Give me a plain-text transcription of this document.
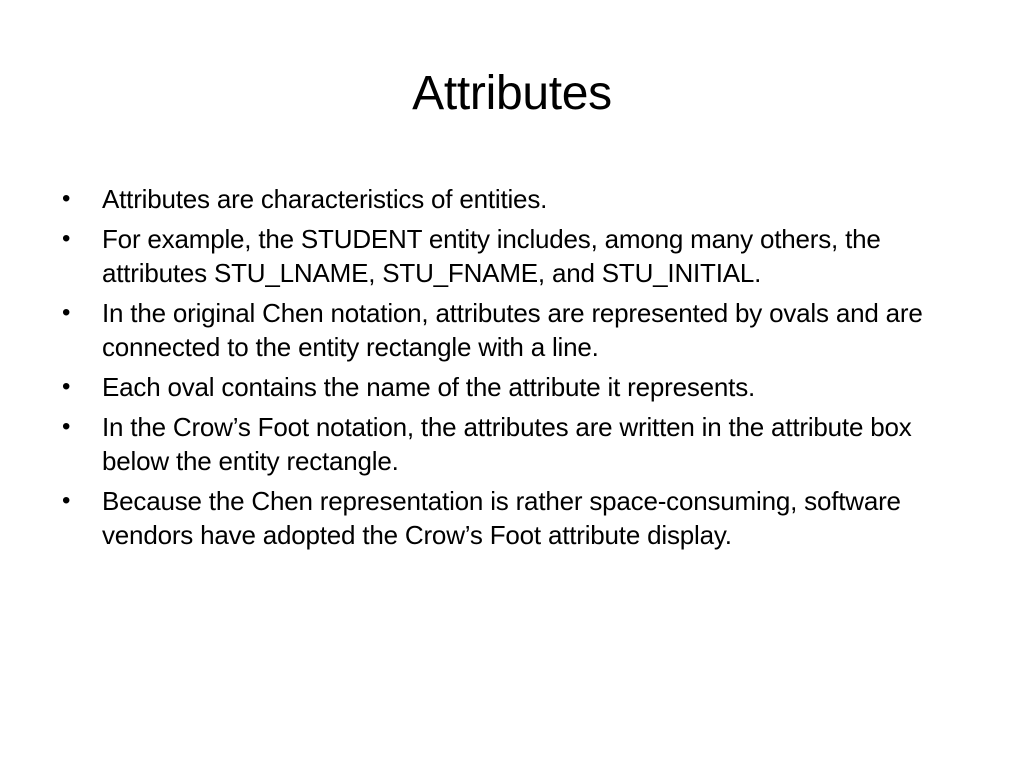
Attributes
•	Attributes are characteristics of entities.
•	For example, the STUDENT entity includes, among many others, the attributes STU_LNAME, STU_FNAME, and STU_INITIAL.
•	In the original Chen notation, attributes are represented by ovals and are connected to the entity rectangle with a line.
•	Each oval contains the name of the attribute it represents.
•	In the Crow’s Foot notation, the attributes are written in the attribute box below the entity rectangle.
•	Because the Chen representation is rather space-consuming, software vendors have adopted the Crow’s Foot attribute display.
